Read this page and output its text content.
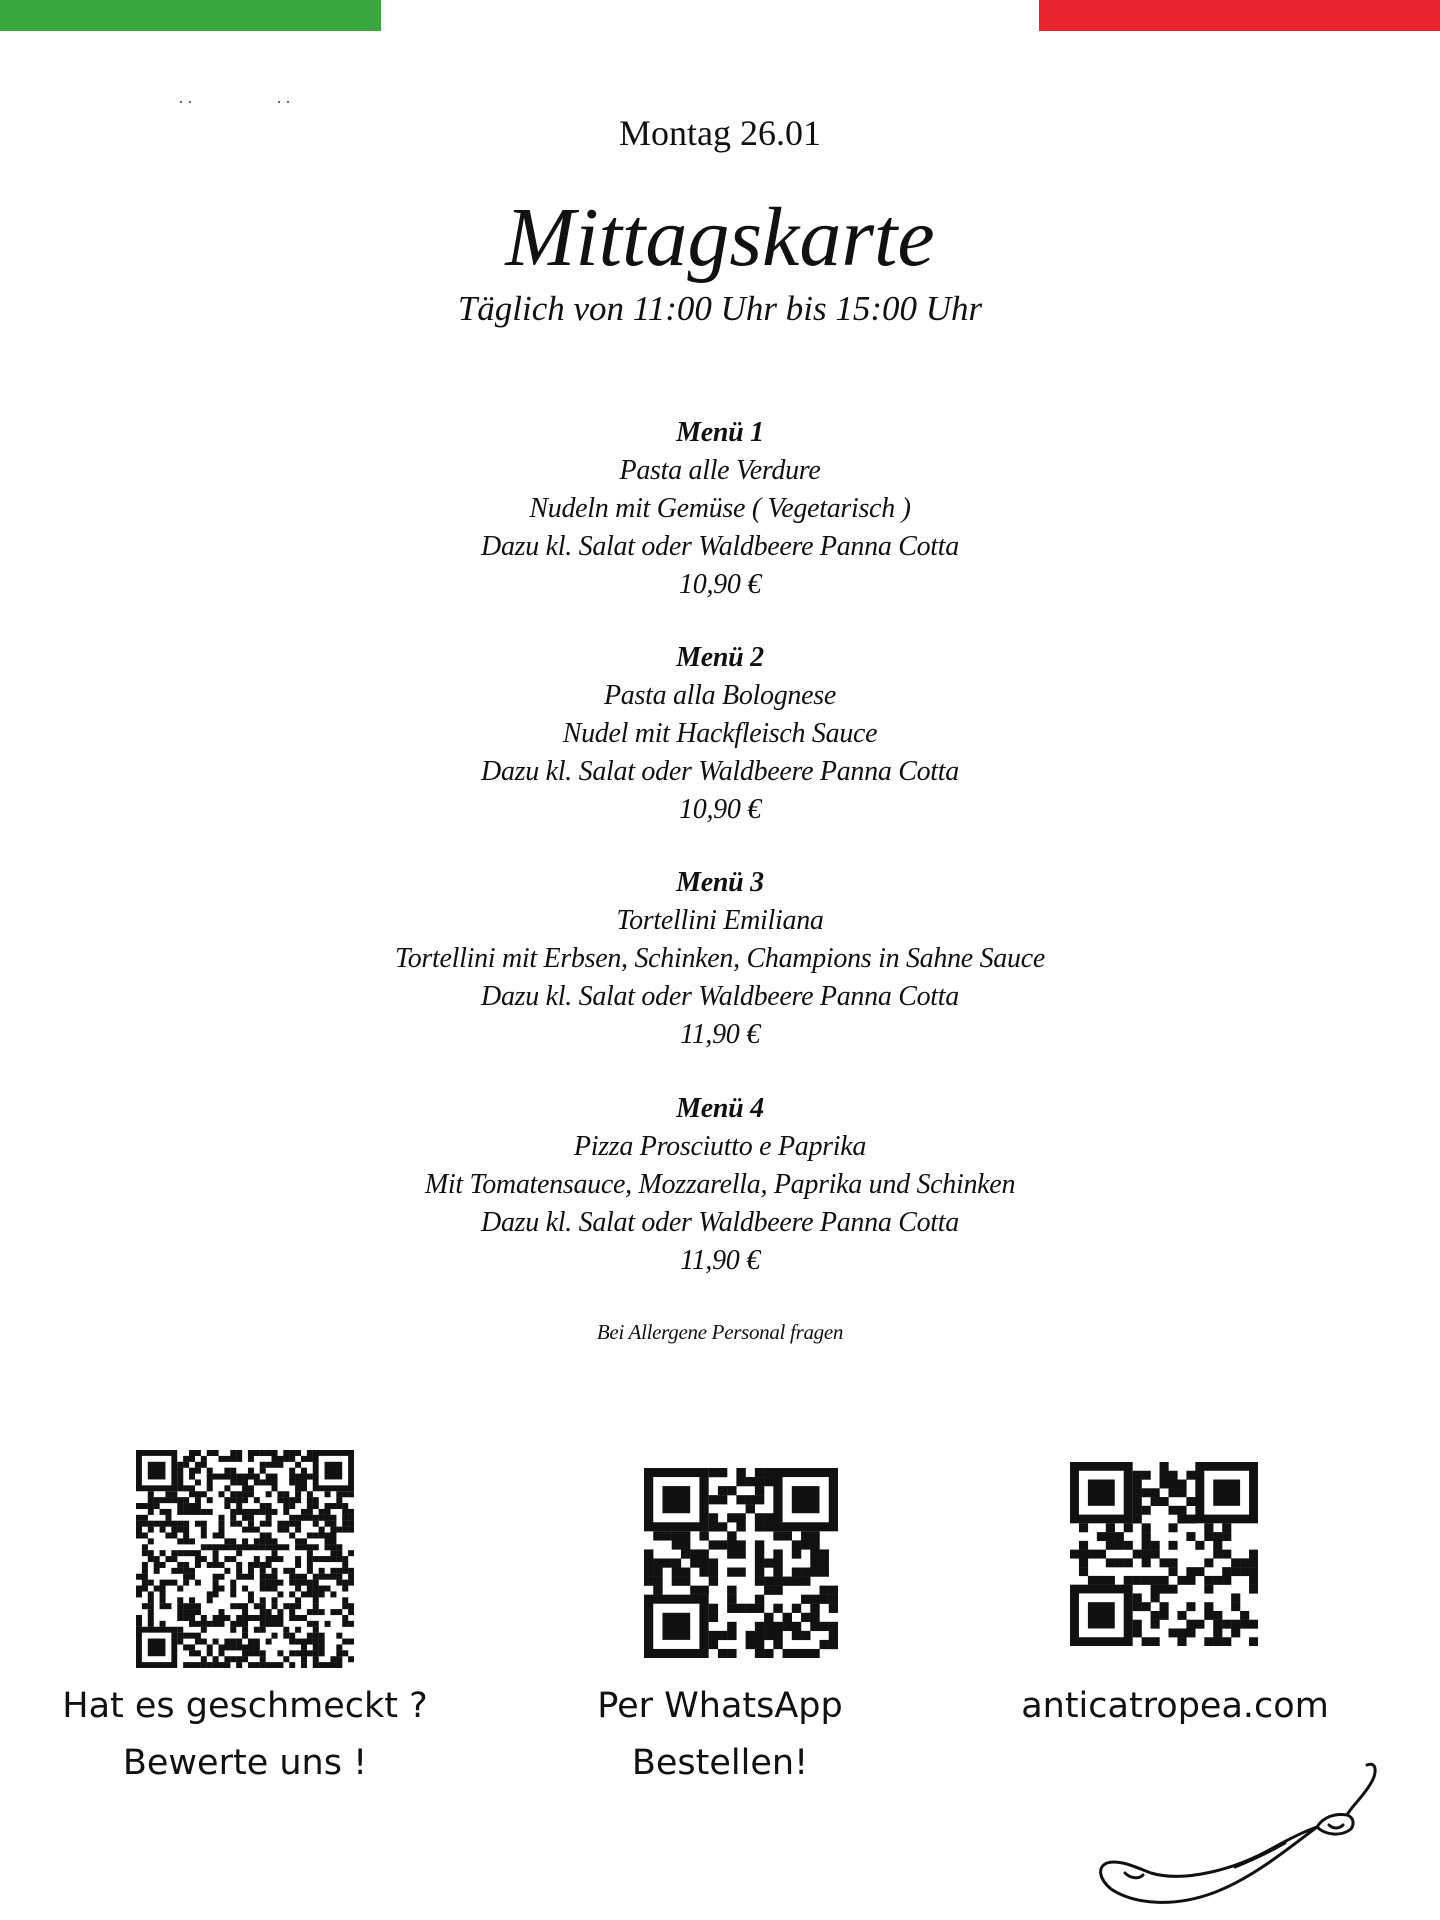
··	··
Montag 26.01
Mittagskarte
Täglich von 11:00 Uhr bis 15:00 Uhr
Menü 1
Pasta alle Verdure
Nudeln mit Gemüse ( Vegetarisch )
Dazu kl. Salat oder Waldbeere Panna Cotta
10,90 €
Menü 2
Pasta alla Bolognese
Nudel mit Hackfleisch Sauce
Dazu kl. Salat oder Waldbeere Panna Cotta
10,90 €
Menü 3
Tortellini Emiliana
Tortellini mit Erbsen, Schinken, Champions in Sahne Sauce
Dazu kl. Salat oder Waldbeere Panna Cotta
11,90 €
Menü 4
Pizza Prosciutto e Paprika
Mit Tomatensauce, Mozzarella, Paprika und Schinken
Dazu kl. Salat oder Waldbeere Panna Cotta
11,90 €
Bei Allergene Personal fragen
Hat es geschmeckt ?
Bewerte uns !
Per WhatsApp
Bestellen!
anticatropea.com
